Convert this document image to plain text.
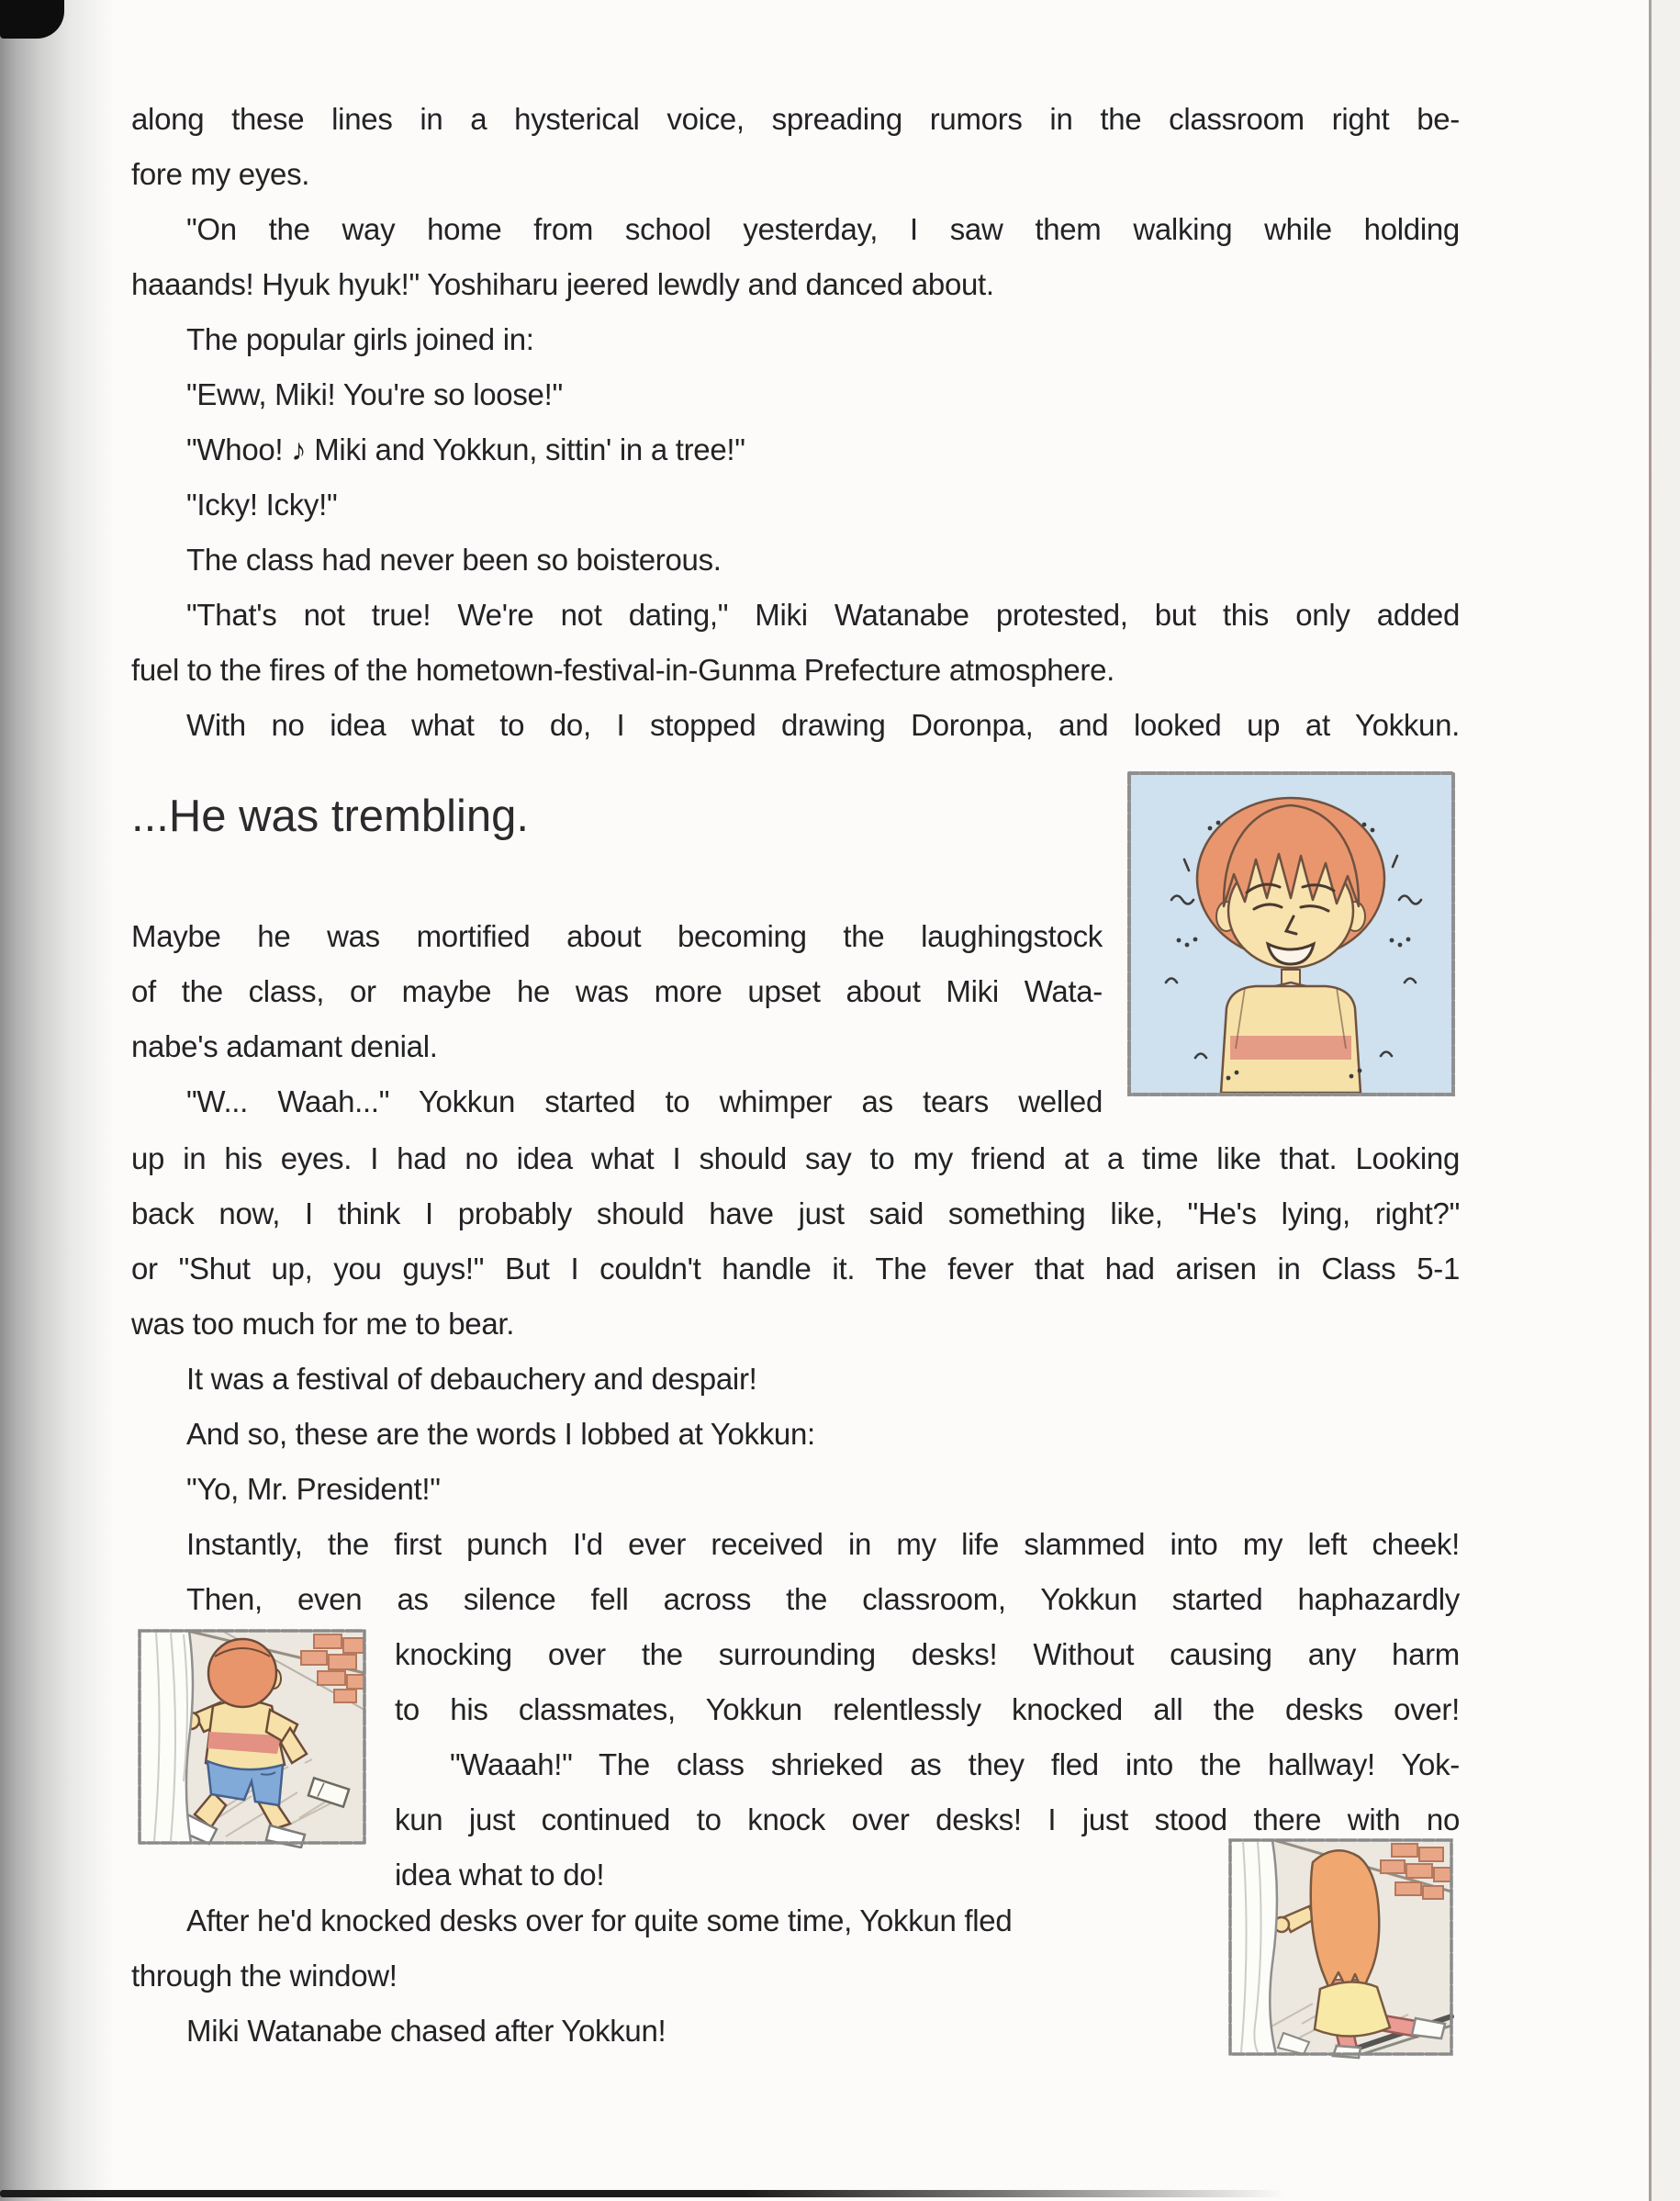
along these lines in a hysterical voice, spreading rumors in the classroom right be-
fore my eyes.
"On the way home from school yesterday, I saw them walking while holding
haaands! Hyuk hyuk!" Yoshiharu jeered lewdly and danced about.
The popular girls joined in:
"Eww, Miki! You're so loose!"
"Whoo! ♪ Miki and Yokkun, sittin' in a tree!"
"Icky! Icky!"
The class had never been so boisterous.
"That's not true! We're not dating," Miki Watanabe protested, but this only added
fuel to the fires of the hometown-festival-in-Gunma Prefecture atmosphere.
With no idea what to do, I stopped drawing Doronpa, and looked up at Yokkun.
...He was trembling.
Maybe he was mortified about becoming the laughingstock
of the class, or maybe he was more upset about Miki Wata-
nabe's adamant denial.
"W... Waah..." Yokkun started to whimper as tears welled
up in his eyes. I had no idea what I should say to my friend at a time like that. Looking
back now, I think I probably should have just said something like, "He's lying, right?"
or "Shut up, you guys!" But I couldn't handle it. The fever that had arisen in Class 5-1
was too much for me to bear.
It was a festival of debauchery and despair!
And so, these are the words I lobbed at Yokkun:
"Yo, Mr. President!"
Instantly, the first punch I'd ever received in my life slammed into my left cheek!
Then, even as silence fell across the classroom, Yokkun started haphazardly
knocking over the surrounding desks! Without causing any harm
to his classmates, Yokkun relentlessly knocked all the desks over!
"Waaah!" The class shrieked as they fled into the hallway! Yok-
kun just continued to knock over desks! I just stood there with no
idea what to do!
After he'd knocked desks over for quite some time, Yokkun fled
through the window!
Miki Watanabe chased after Yokkun!
